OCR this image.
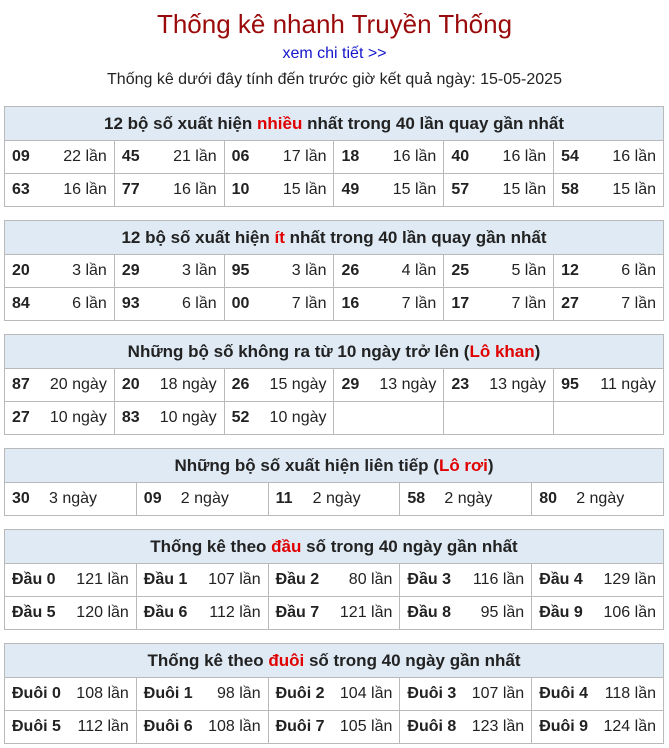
Thống kê nhanh Truyền Thống
xem chi tiết >>
Thống kê dưới đây tính đến trước giờ kết quả ngày: 15-05-2025
12 bộ số xuất hiện nhiều nhất trong 40 lần quay gần nhất					

09 22 lần	45 21 lần	06 17 lần	18 16 lần	40 16 lần	54 16 lần

63 16 lần	77 16 lần	10 15 lần	49 15 lần	57 15 lần	58 15 lần
12 bộ số xuất hiện ít nhất trong 40 lần quay gần nhất					

20 3 lần	29 3 lần	95 3 lần	26 4 lần	25 5 lần	12 6 lần

84 6 lần	93 6 lần	00 7 lần	16 7 lần	17 7 lần	27 7 lần
Những bộ số không ra từ 10 ngày trở lên (Lô khan)					

87 20 ngày	20 18 ngày	26 15 ngày	29 13 ngày	23 13 ngày	95 11 ngày

27 10 ngày	83 10 ngày	52 10 ngày			

Những bộ số xuất hiện liên tiếp (Lô rơi)
30 3 ngày	09 2 ngày	11 2 ngày	58 2 ngày	80 2 ngày
Thống kê theo đầu số trong 40 ngày gần nhất				

Đầu 0 121 lần	Đầu 1 107 lần	Đầu 2 80 lần	Đầu 3 116 lần	Đầu 4 129 lần

Đầu 5 120 lần	Đầu 6 112 lần	Đầu 7 121 lần	Đầu 8 95 lần	Đầu 9 106 lần
Thống kê theo đuôi số trong 40 ngày gần nhất				

Đuôi 0 108 lần	Đuôi 1 98 lần	Đuôi 2 104 lần	Đuôi 3 107 lần	Đuôi 4 118 lần

Đuôi 5 112 lần	Đuôi 6 108 lần	Đuôi 7 105 lần	Đuôi 8 123 lần	Đuôi 9 124 lần
